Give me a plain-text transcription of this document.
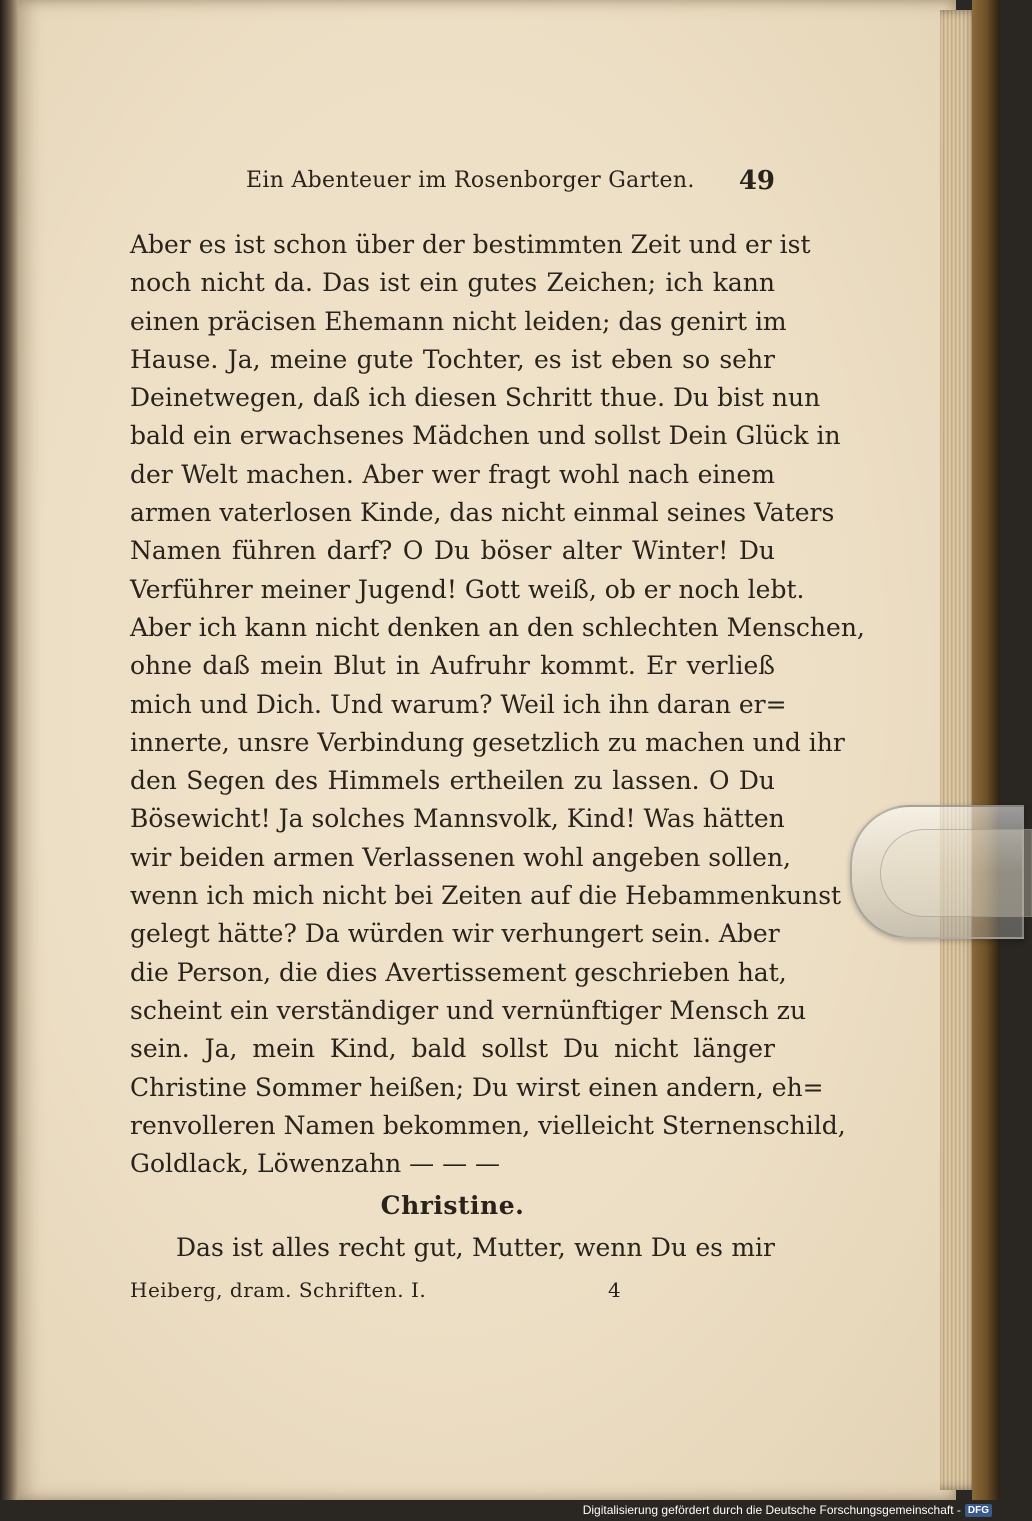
Ein Abenteuer im Rosenborger Garten. 49
Aber es ist schon über der bestimmten Zeit und er ist
noch nicht da. Das ist ein gutes Zeichen; ich kann
einen präcisen Ehemann nicht leiden; das genirt im
Hause. Ja, meine gute Tochter, es ist eben so sehr
Deinetwegen, daß ich diesen Schritt thue. Du bist nun
bald ein erwachsenes Mädchen und sollst Dein Glück in
der Welt machen. Aber wer fragt wohl nach einem
armen vaterlosen Kinde, das nicht einmal seines Vaters
Namen führen darf? O Du böser alter Winter! Du
Verführer meiner Jugend! Gott weiß, ob er noch lebt.
Aber ich kann nicht denken an den schlechten Menschen,
ohne daß mein Blut in Aufruhr kommt. Er verließ
mich und Dich. Und warum? Weil ich ihn daran er=
innerte, unsre Verbindung gesetzlich zu machen und ihr
den Segen des Himmels ertheilen zu lassen. O Du
Bösewicht! Ja solches Mannsvolk, Kind! Was hätten
wir beiden armen Verlassenen wohl angeben sollen,
wenn ich mich nicht bei Zeiten auf die Hebammenkunst
gelegt hätte? Da würden wir verhungert sein. Aber
die Person, die dies Avertissement geschrieben hat,
scheint ein verständiger und vernünftiger Mensch zu
sein. Ja, mein Kind, bald sollst Du nicht länger
Christine Sommer heißen; Du wirst einen andern, eh=
renvolleren Namen bekommen, vielleicht Sternenschild,
Goldlack, Löwenzahn — — —
Christine.
Das ist alles recht gut, Mutter, wenn Du es mir
Heiberg, dram. Schriften. I.	4
Digitalisierung gefördert durch die Deutsche Forschungsgemeinschaft - DFG
